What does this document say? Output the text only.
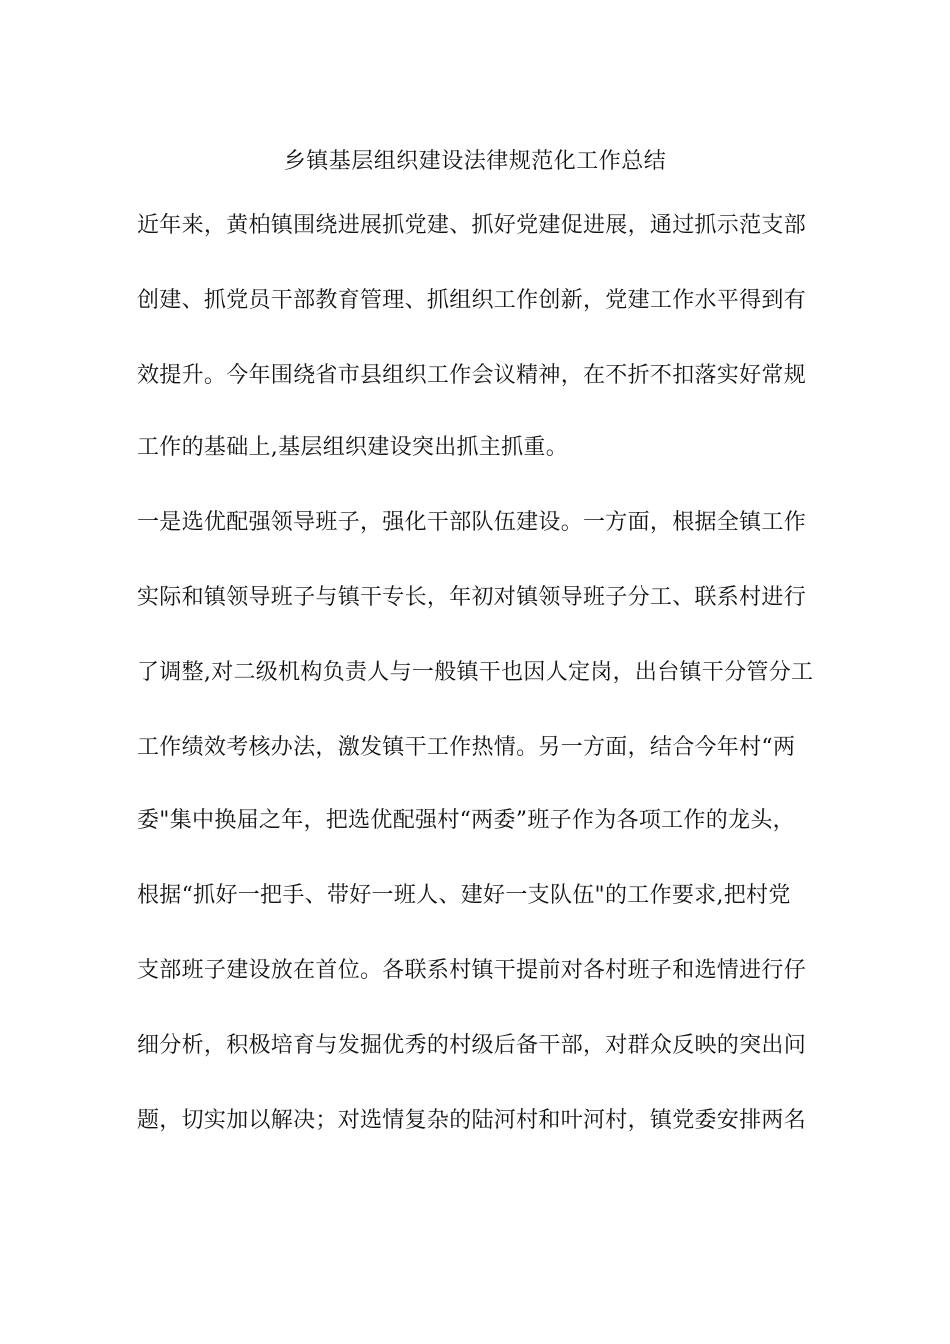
乡镇基层组织建设法律规范化工作总结
近年来，黄柏镇围绕进展抓党建、抓好党建促进展，通过抓示范支部
创建、抓党员干部教育管理、抓组织工作创新，党建工作水平得到有
效提升。今年围绕省市县组织工作会议精神，在不折不扣落实好常规
工作的基础上,基层组织建设突出抓主抓重。
一是选优配强领导班子，强化干部队伍建设。一方面，根据全镇工作
实际和镇领导班子与镇干专长，年初对镇领导班子分工、联系村进行
了调整,对二级机构负责人与一般镇干也因人定岗，出台镇干分管分工
工作绩效考核办法，激发镇干工作热情。另一方面，结合今年村“两
委"集中换届之年，把选优配强村“两委”班子作为各项工作的龙头，
根据“抓好一把手、带好一班人、建好一支队伍"的工作要求,把村党
支部班子建设放在首位。各联系村镇干提前对各村班子和选情进行仔
细分析，积极培育与发掘优秀的村级后备干部，对群众反映的突出问
题，切实加以解决；对选情复杂的陆河村和叶河村，镇党委安排两名
